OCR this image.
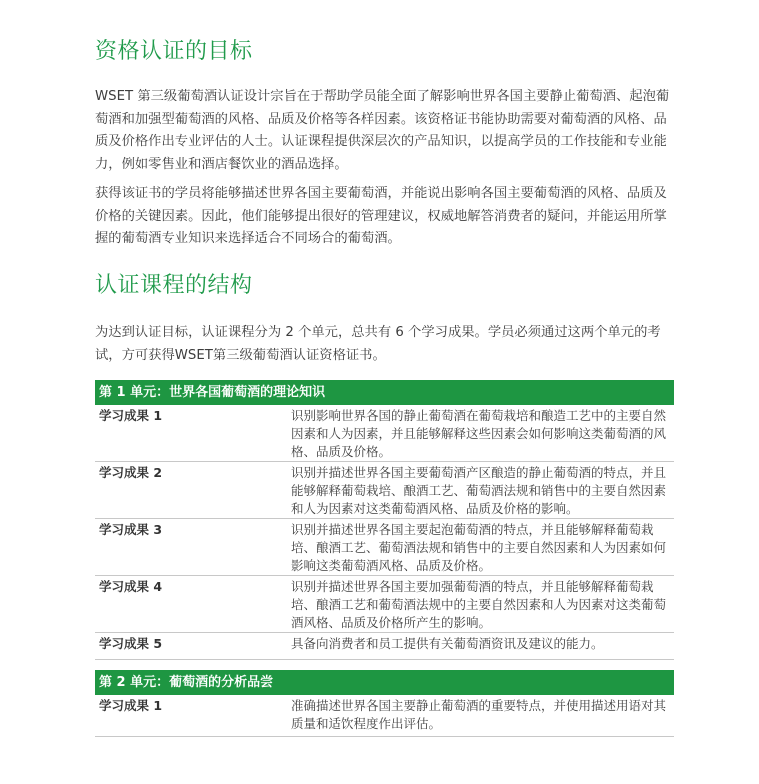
资格认证的目标

WSET 第三级葡萄酒认证设计宗旨在于帮助学员能全面了解影响世界各国主要静止葡萄酒、起泡葡萄酒和加强型葡萄酒的风格、品质及价格等各样因素。该资格证书能协助需要对葡萄酒的风格、品质及价格作出专业评估的人士。认证课程提供深层次的产品知识，以提高学员的工作技能和专业能力，例如零售业和酒店餐饮业的酒品选择。

获得该证书的学员将能够描述世界各国主要葡萄酒，并能说出影响各国主要葡萄酒的风格、品质及价格的关键因素。因此，他们能够提出很好的管理建议，权威地解答消费者的疑问，并能运用所掌握的葡萄酒专业知识来选择适合不同场合的葡萄酒。

认证课程的结构

为达到认证目标，认证课程分为 2 个单元，总共有 6 个学习成果。学员必须通过这两个单元的考试，方可获得WSET第三级葡萄酒认证资格证书。

第 1 单元：世界各国葡萄酒的理论知识
学习成果 1	识别影响世界各国的静止葡萄酒在葡萄栽培和酿造工艺中的主要自然因素和人为因素，并且能够解释这些因素会如何影响这类葡萄酒的风格、品质及价格。
学习成果 2	识别并描述世界各国主要葡萄酒产区酿造的静止葡萄酒的特点，并且能够解释葡萄栽培、酿酒工艺、葡萄酒法规和销售中的主要自然因素和人为因素对这类葡萄酒风格、品质及价格的影响。
学习成果 3	识别并描述世界各国主要起泡葡萄酒的特点，并且能够解释葡萄栽培、酿酒工艺、葡萄酒法规和销售中的主要自然因素和人为因素如何影响这类葡萄酒风格、品质及价格。
学习成果 4	识别并描述世界各国主要加强葡萄酒的特点，并且能够解释葡萄栽培、酿酒工艺和葡萄酒法规中的主要自然因素和人为因素对这类葡萄酒风格、品质及价格所产生的影响。
学习成果 5	具备向消费者和员工提供有关葡萄酒资讯及建议的能力。
第 2 单元：葡萄酒的分析品尝
学习成果 1	准确描述世界各国主要静止葡萄酒的重要特点，并使用描述用语对其质量和适饮程度作出评估。
